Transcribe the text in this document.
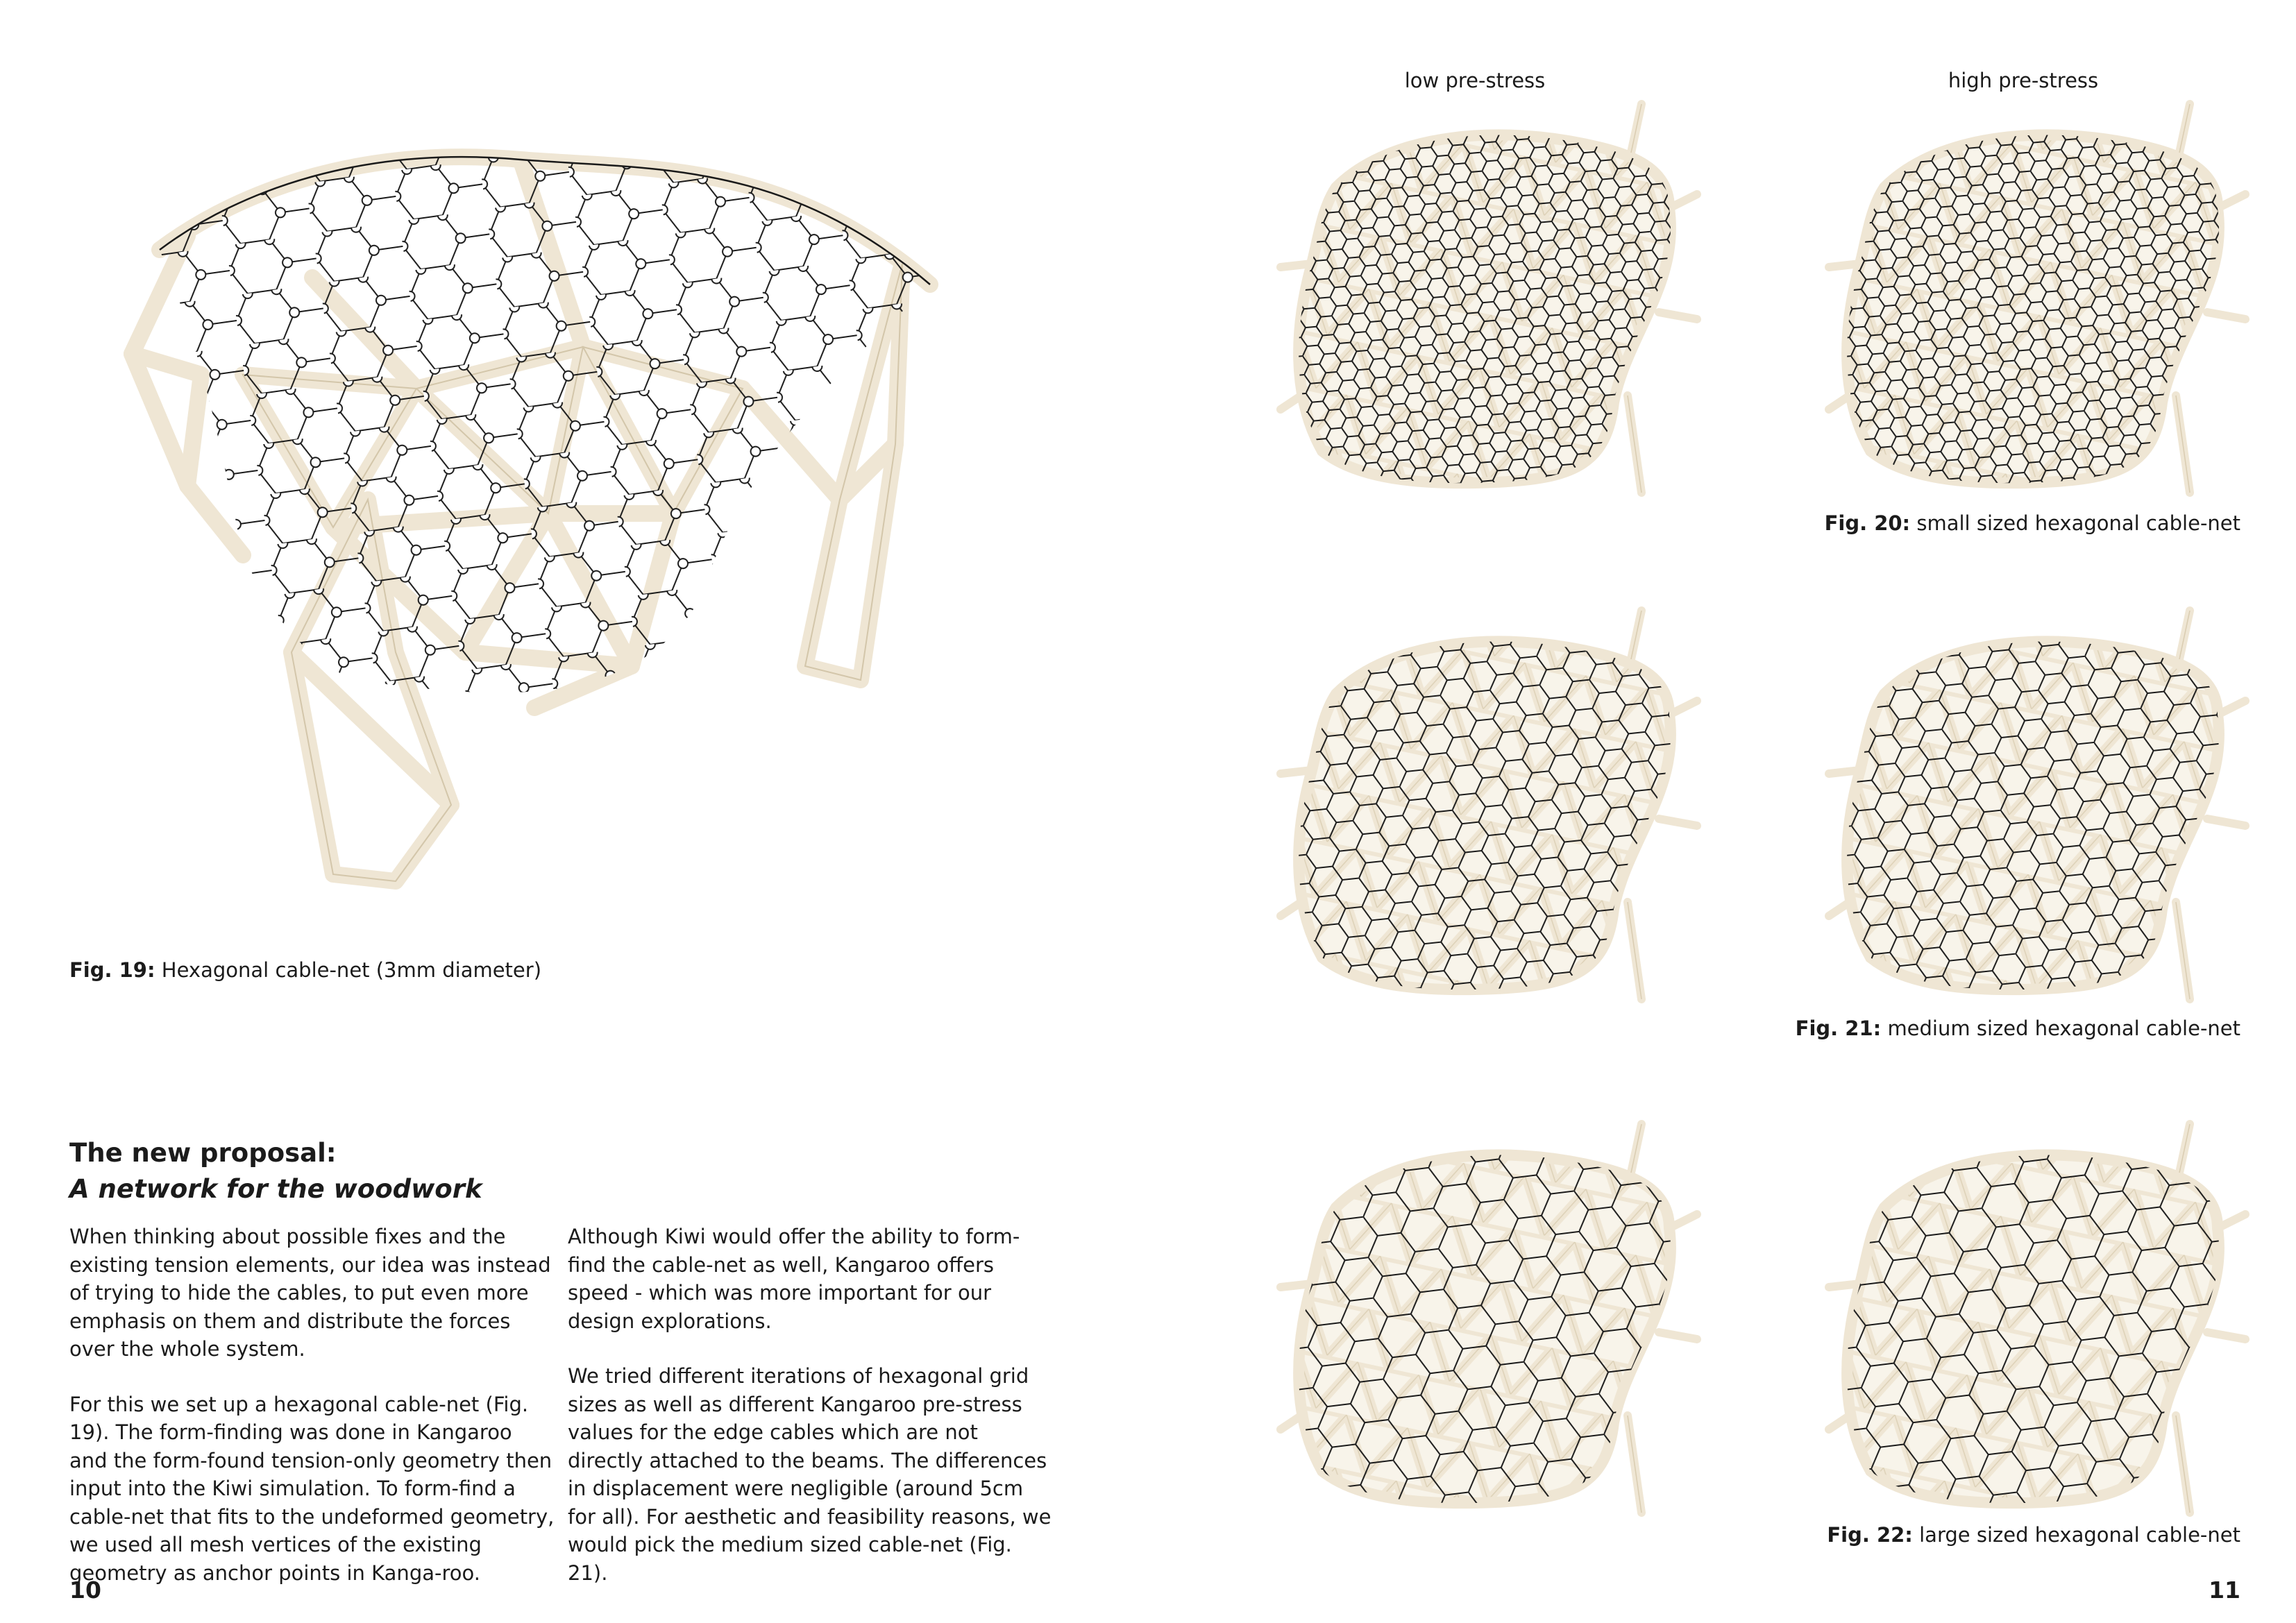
Fig. 19: Hexagonal cable-net (3mm diameter)
The new proposal:
A network for the woodwork

When thinking about possible fixes and the existing tension elements, our idea was instead of trying to hide the cables, to put even more emphasis on them and distribute the forces over the whole system.

For this we set up a hexagonal cable-net (Fig. 19). The form-finding was done in Kangaroo and the form-found tension-only geometry then input into the Kiwi simulation. To form-find a cable-net that fits to the undeformed geometry, we used all mesh vertices of the existing geometry as anchor points in Kanga-roo.

Although Kiwi would offer the ability to form-find the cable-net as well, Kangaroo offers speed - which was more important for our design explorations.

We tried different iterations of hexagonal grid sizes as well as different Kangaroo pre-stress values for the edge cables which are not directly attached to the beams. The differences in displacement were negligible (around 5cm for all). For aesthetic and feasibility reasons, we would pick the medium sized cable-net (Fig. 21).

10
low pre-stress	high pre-stress
Fig. 20: small sized hexagonal cable-net
Fig. 21: medium sized hexagonal cable-net
Fig. 22: large sized hexagonal cable-net
11
